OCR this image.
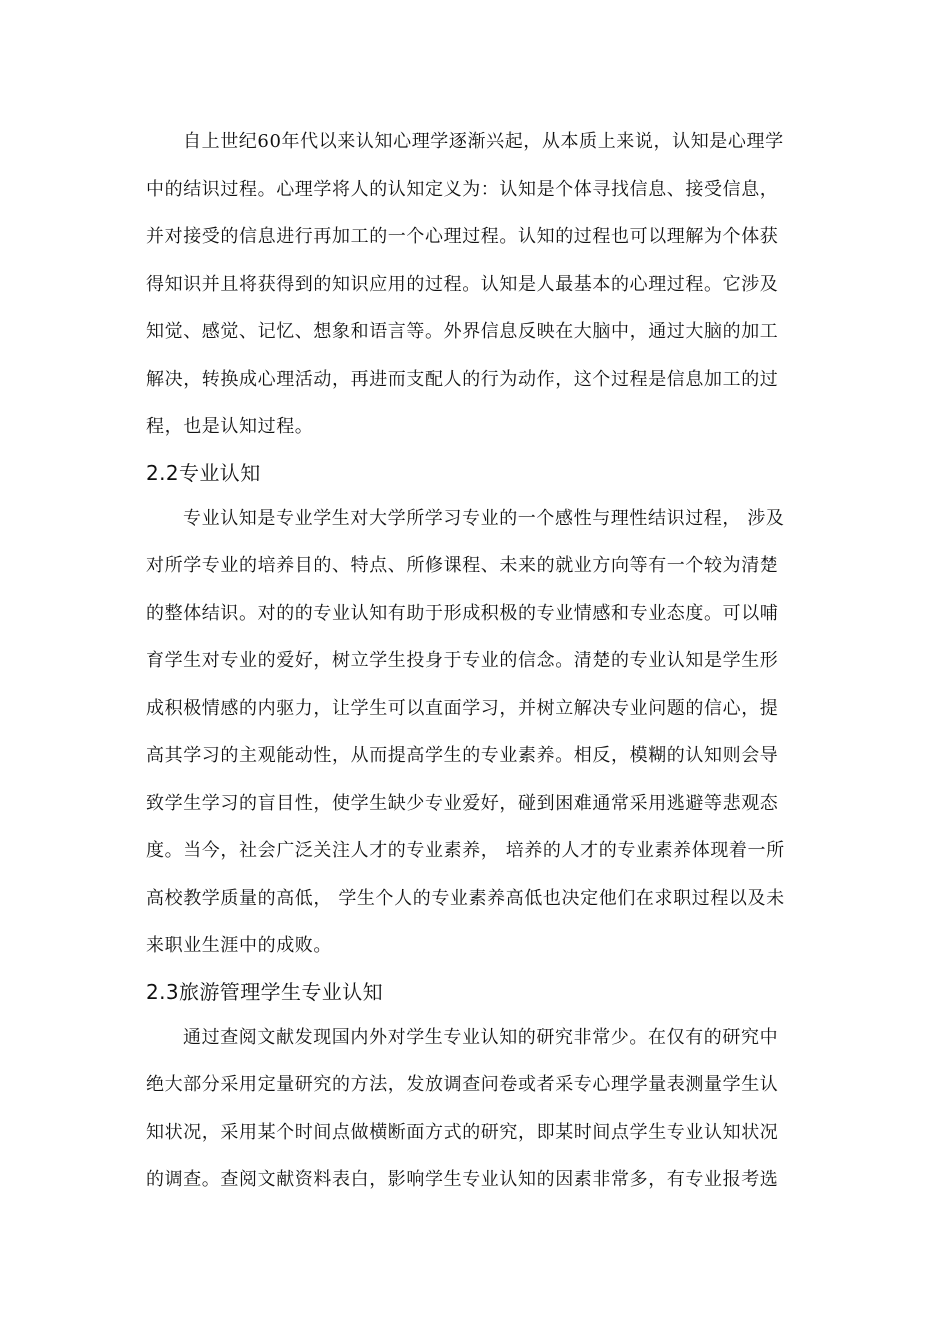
自上世纪60年代以来认知心理学逐渐兴起，从本质上来说，认知是心理学
中的结识过程。心理学将人的认知定义为：认知是个体寻找信息、接受信息，
并对接受的信息进行再加工的一个心理过程。认知的过程也可以理解为个体获
得知识并且将获得到的知识应用的过程。认知是人最基本的心理过程。它涉及
知觉、感觉、记忆、想象和语言等。外界信息反映在大脑中，通过大脑的加工
解决，转换成心理活动，再进而支配人的行为动作，这个过程是信息加工的过
程，也是认知过程。
2.2专业认知
专业认知是专业学生对大学所学习专业的一个感性与理性结识过程， 涉及
对所学专业的培养目的、特点、所修课程、未来的就业方向等有一个较为清楚
的整体结识。对的的专业认知有助于形成积极的专业情感和专业态度。可以哺
育学生对专业的爱好，树立学生投身于专业的信念。清楚的专业认知是学生形
成积极情感的内驱力，让学生可以直面学习，并树立解决专业问题的信心，提
高其学习的主观能动性，从而提高学生的专业素养。相反，模糊的认知则会导
致学生学习的盲目性，使学生缺少专业爱好，碰到困难通常采用逃避等悲观态
度。当今，社会广泛关注人才的专业素养， 培养的人才的专业素养体现着一所
高校教学质量的高低， 学生个人的专业素养高低也决定他们在求职过程以及未
来职业生涯中的成败。
2.3旅游管理学生专业认知
通过查阅文献发现国内外对学生专业认知的研究非常少。在仅有的研究中
绝大部分采用定量研究的方法，发放调查问卷或者采专心理学量表测量学生认
知状况，采用某个时间点做横断面方式的研究，即某时间点学生专业认知状况
的调查。查阅文献资料表白，影响学生专业认知的因素非常多，有专业报考选
